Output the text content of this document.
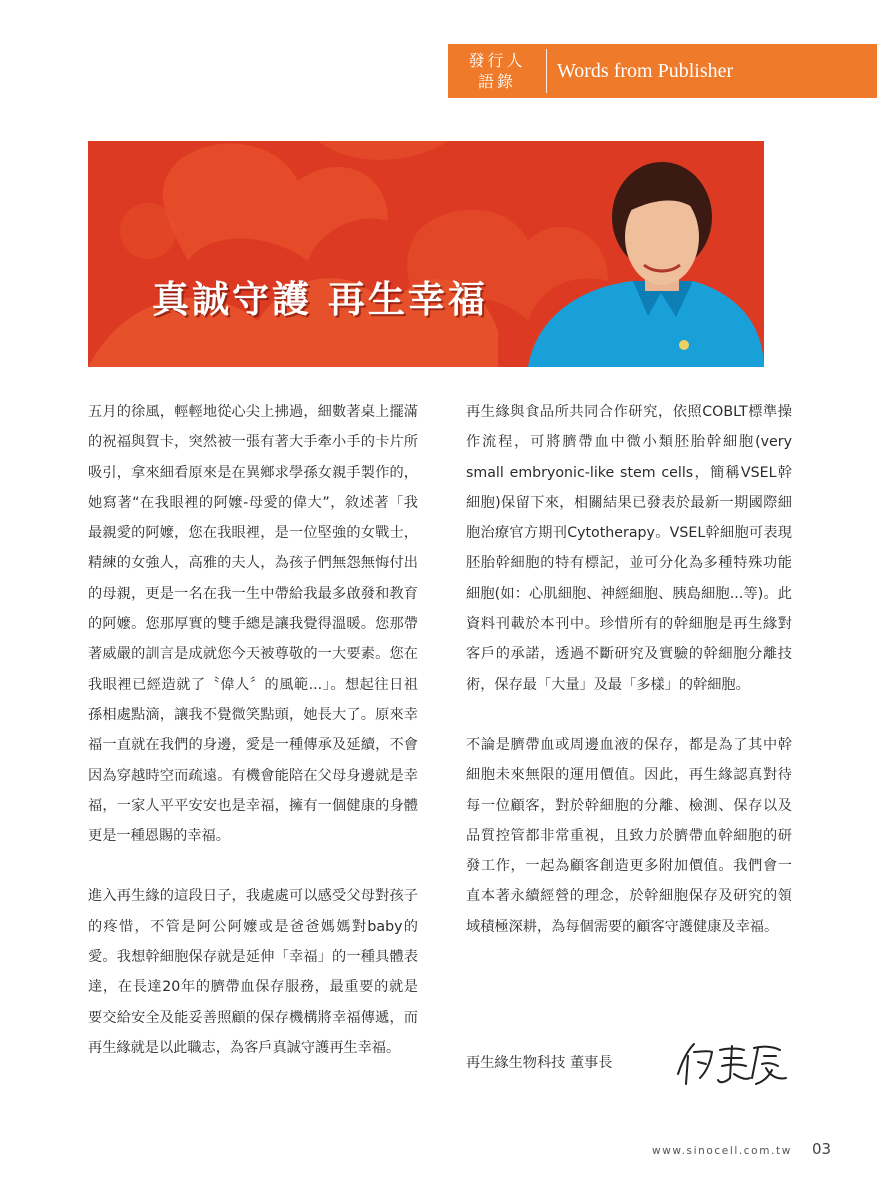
發行人
語錄	Words from Publisher
真誠守護 再生幸福

五月的徐風，輕輕地從心尖上拂過，細數著桌上擺滿的祝福與賀卡，突然被一張有著大手牽小手的卡片所吸引，拿來細看原來是在異鄉求學孫女親手製作的，她寫著“在我眼裡的阿嬤-母愛的偉大”，敘述著「我最親愛的阿嬤，您在我眼裡，是一位堅強的女戰士，精練的女強人，高雅的夫人，為孩子們無怨無悔付出的母親，更是一名在我一生中帶給我最多啟發和教育的阿嬤。您那厚實的雙手總是讓我覺得溫暖。您那帶著威嚴的訓言是成就您今天被尊敬的一大要素。您在我眼裡已經造就了〝偉人〞的風範...」。想起往日祖孫相處點滴，讓我不覺微笑點頭，她長大了。原來幸福一直就在我們的身邊，愛是一種傳承及延續，不會因為穿越時空而疏遠。有機會能陪在父母身邊就是幸福，一家人平平安安也是幸福，擁有一個健康的身體更是一種恩賜的幸福。

進入再生緣的這段日子，我處處可以感受父母對孩子的疼惜，不管是阿公阿嬤或是爸爸媽媽對baby的愛。我想幹細胞保存就是延伸「幸福」的一種具體表達，在長達20年的臍帶血保存服務，最重要的就是要交給安全及能妥善照顧的保存機構將幸福傳遞，而再生緣就是以此職志，為客戶真誠守護再生幸福。

再生緣與食品所共同合作研究，依照COBLT標準操作流程，可將臍帶血中微小類胚胎幹細胞(very small embryonic-like stem cells，簡稱VSEL幹細胞)保留下來，相關結果已發表於最新一期國際細胞治療官方期刊Cytotherapy。VSEL幹細胞可表現胚胎幹細胞的特有標記，並可分化為多種特殊功能細胞(如：心肌細胞、神經細胞、胰島細胞...等)。此資料刊載於本刊中。珍惜所有的幹細胞是再生緣對客戶的承諾，透過不斷研究及實驗的幹細胞分離技術，保存最「大量」及最「多樣」的幹細胞。

不論是臍帶血或周邊血液的保存，都是為了其中幹細胞未來無限的運用價值。因此，再生緣認真對待每一位顧客，對於幹細胞的分離、檢測、保存以及品質控管都非常重視，且致力於臍帶血幹細胞的研發工作，一起為顧客創造更多附加價值。我們會一直本著永續經營的理念，於幹細胞保存及研究的領域積極深耕，為每個需要的顧客守護健康及幸福。

再生緣生物科技 董事長
www.sinocell.com.tw 03
